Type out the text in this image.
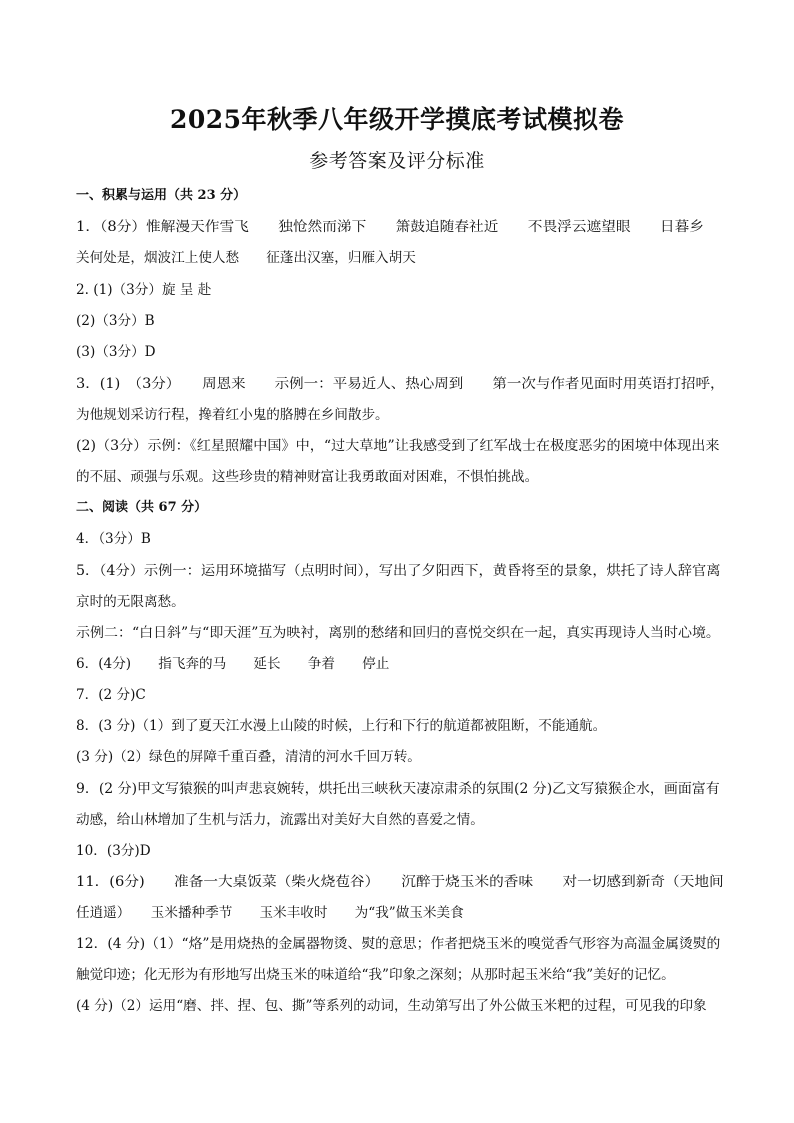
2025年秋季八年级开学摸底考试模拟卷
参考答案及评分标准
一、积累与运用（共 23 分）
1．（8分）惟解漫天作雪飞　　独怆然而涕下　　箫鼓追随春社近　　不畏浮云遮望眼　　日暮乡
关何处是，烟波江上使人愁　　征蓬出汉塞，归雁入胡天
2. (1)（3分）旋 呈 赴
(2)（3分）B
(3)（3分）D
3．(1)　（3分）　　周恩来　　示例一：平易近人、热心周到　　第一次与作者见面时用英语打招呼，
为他规划采访行程，搀着红小鬼的胳膊在乡间散步。
(2)（3分）示例：《红星照耀中国》中，“过大草地”让我感受到了红军战士在极度恶劣的困境中体现出来
的不屈、顽强与乐观。这些珍贵的精神财富让我勇敢面对困难，不惧怕挑战。
二、阅读（共 67 分）
4．（3分）B
5．（4分）示例一：运用环境描写（点明时间），写出了夕阳西下，黄昏将至的景象，烘托了诗人辞官离
京时的无限离愁。
示例二：“白日斜”与“即天涯”互为映衬，离别的愁绪和回归的喜悦交织在一起，真实再现诗人当时心境。
6．(4分)　　指飞奔的马　　延长　　争着　　停止
7．(2 分)C
8．(3 分)（1）到了夏天江水漫上山陵的时候，上行和下行的航道都被阻断，不能通航。
(3 分)（2）绿色的屏障千重百叠，清清的河水千回万转。
9．(2 分)甲文写猿猴的叫声悲哀婉转，烘托出三峡秋天凄凉肃杀的氛围(2 分)乙文写猿猴企水，画面富有
动感，给山林增加了生机与活力，流露出对美好大自然的喜爱之情。
10．(3分)D
11．(6分)　　准备一大桌饭菜（柴火烧苞谷）　　沉醉于烧玉米的香味　　对一切感到新奇（天地间
任逍遥）　　玉米播种季节　　玉米丰收时　　为“我”做玉米美食
12．(4 分)（1）“烙”是用烧热的金属器物烫、熨的意思；作者把烧玉米的嗅觉香气形容为高温金属烫熨的
触觉印迹；化无形为有形地写出烧玉米的味道给“我”印象之深刻；从那时起玉米给“我”美好的记忆。
(4 分)（2）运用“磨、拌、捏、包、撕”等系列的动词，生动第写出了外公做玉米粑的过程，可见我的印象
